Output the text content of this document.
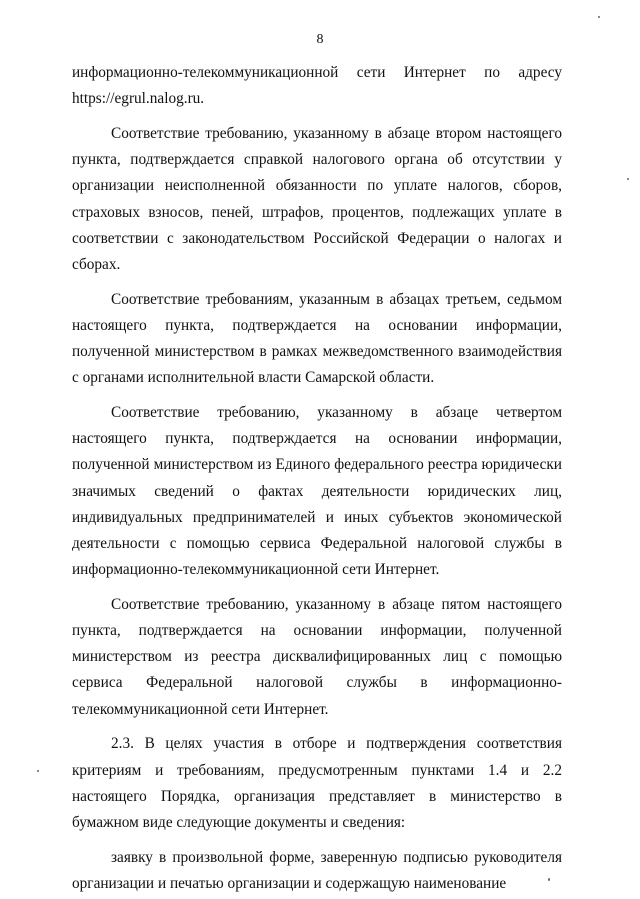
8

информационно-телекоммуникационной сети Интернет по адресу
https://egrul.nalog.ru.

Соответствие требованию, указанному в абзаце втором настоящего пункта, подтверждается справкой налогового органа об отсутствии у организации неисполненной обязанности по уплате налогов, сборов, страховых взносов, пеней, штрафов, процентов, подлежащих уплате в соответствии с законодательством Российской Федерации о налогах и сборах.

Соответствие требованиям, указанным в абзацах третьем, седьмом настоящего пункта, подтверждается на основании информации, полученной министерством в рамках межведомственного взаимодействия с органами исполнительной власти Самарской области.

Соответствие требованию, указанному в абзаце четвертом настоящего пункта, подтверждается на основании информации, полученной министерством из Единого федерального реестра юридически значимых сведений о фактах деятельности юридических лиц, индивидуальных предпринимателей и иных субъектов экономической деятельности с помощью сервиса Федеральной налоговой службы в информационно-телекоммуникационной сети Интернет.

Соответствие требованию, указанному в абзаце пятом настоящего пункта, подтверждается на основании информации, полученной министерством из реестра дисквалифицированных лиц с помощью сервиса Федеральной налоговой службы в информационно-телекоммуникационной сети Интернет.

2.3. В целях участия в отборе и подтверждения соответствия критериям и требованиям, предусмотренным пунктами 1.4 и 2.2 настоящего Порядка, организация представляет в министерство в бумажном виде следующие документы и сведения:

заявку в произвольной форме, заверенную подписью руководителя организации и печатью организации и содержащую наименование
